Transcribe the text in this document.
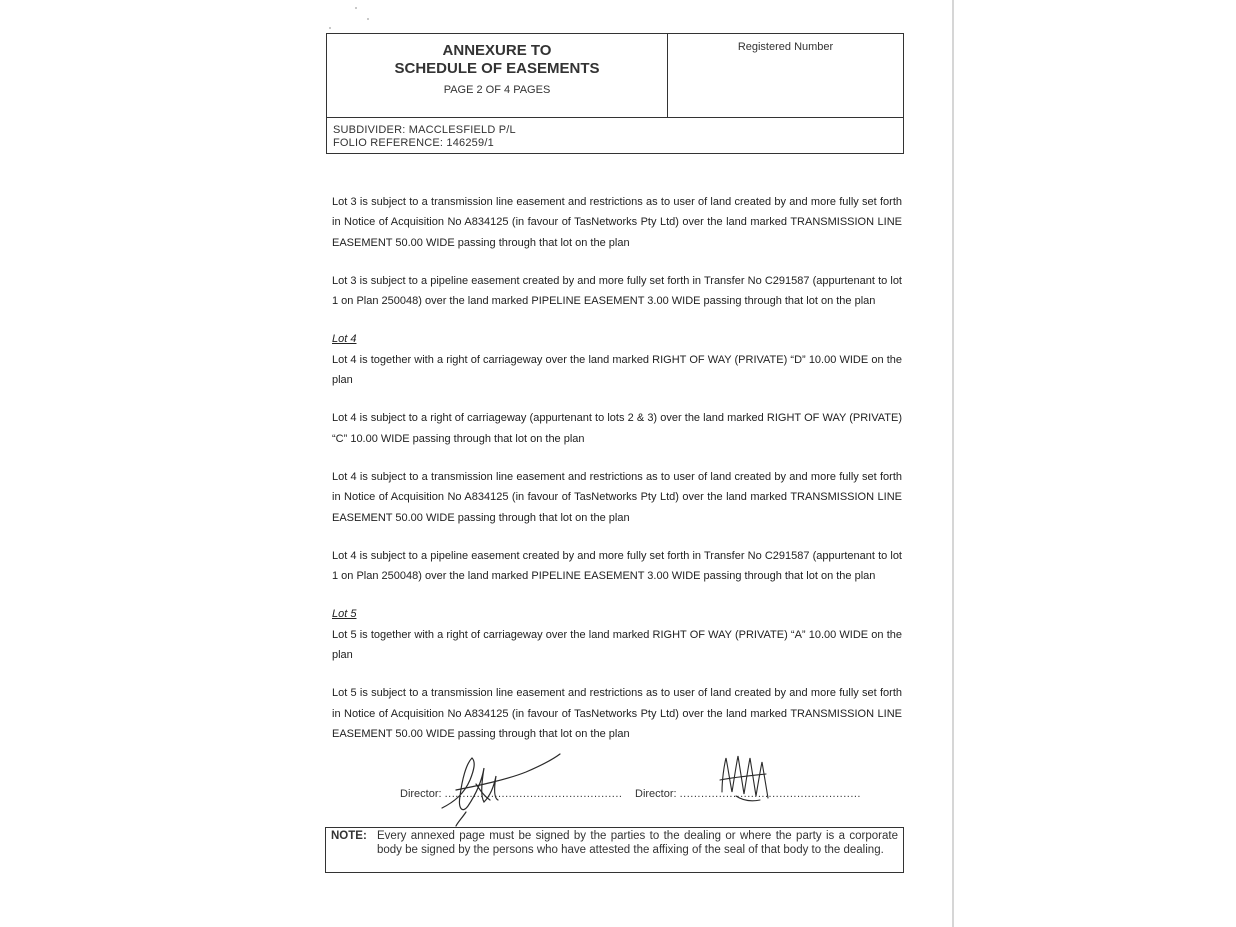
ANNEXURE TO
SCHEDULE OF EASEMENTS
PAGE 2 OF 4 PAGES
Registered Number
SUBDIVIDER: MACCLESFIELD P/L
FOLIO REFERENCE: 146259/1

Lot 3 is subject to a transmission line easement and restrictions as to user of land created by and more fully set forth in Notice of Acquisition No A834125 (in favour of TasNetworks Pty Ltd) over the land marked TRANSMISSION LINE EASEMENT 50.00 WIDE passing through that lot on the plan

Lot 3 is subject to a pipeline easement created by and more fully set forth in Transfer No C291587 (appurtenant to lot 1 on Plan 250048) over the land marked PIPELINE EASEMENT 3.00 WIDE passing through that lot on the plan

Lot 4

Lot 4 is together with a right of carriageway over the land marked RIGHT OF WAY (PRIVATE) “D” 10.00 WIDE on the plan

Lot 4 is subject to a right of carriageway (appurtenant to lots 2 & 3) over the land marked RIGHT OF WAY (PRIVATE) “C” 10.00 WIDE passing through that lot on the plan

Lot 4 is subject to a transmission line easement and restrictions as to user of land created by and more fully set forth in Notice of Acquisition No A834125 (in favour of TasNetworks Pty Ltd) over the land marked TRANSMISSION LINE EASEMENT 50.00 WIDE passing through that lot on the plan

Lot 4 is subject to a pipeline easement created by and more fully set forth in Transfer No C291587 (appurtenant to lot 1 on Plan 250048) over the land marked PIPELINE EASEMENT 3.00 WIDE passing through that lot on the plan

Lot 5

Lot 5 is together with a right of carriageway over the land marked RIGHT OF WAY (PRIVATE) “A” 10.00 WIDE on the plan

Lot 5 is subject to a transmission line easement and restrictions as to user of land created by and more fully set forth in Notice of Acquisition No A834125 (in favour of TasNetworks Pty Ltd) over the land marked TRANSMISSION LINE EASEMENT 50.00 WIDE passing through that lot on the plan

Director: .................................................. Director: ...................................................
NOTE: Every annexed page must be signed by the parties to the dealing or where the party is a corporate body be signed by the persons who have attested the affixing of the seal of that body to the dealing.
